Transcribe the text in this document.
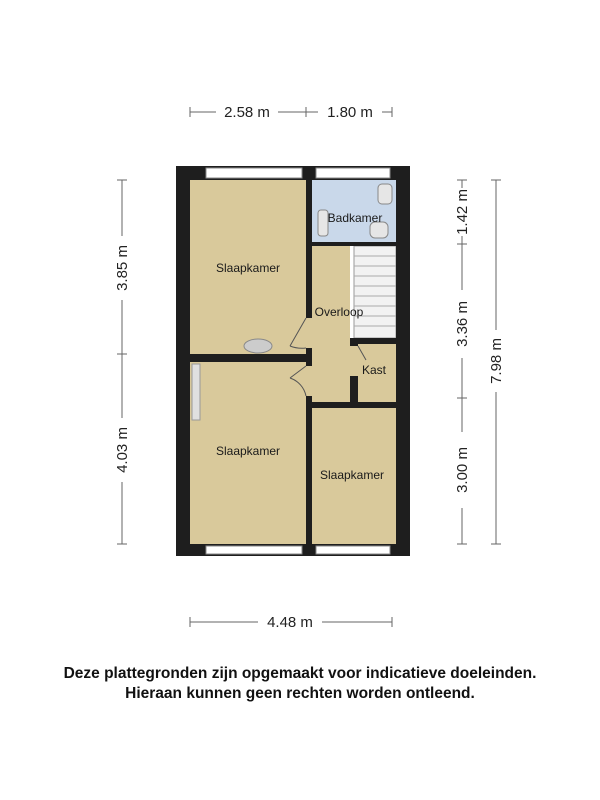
Slaapkamer
Badkamer
Overloop
Kast
Slaapkamer
Slaapkamer
2.58 m	1.80 m
3.85 m
4.03 m
1.42 m
3.36 m
3.00 m
7.98 m
4.48 m
Deze plattegronden zijn opgemaakt voor indicatieve doeleinden.
Hieraan kunnen geen rechten worden ontleend.
